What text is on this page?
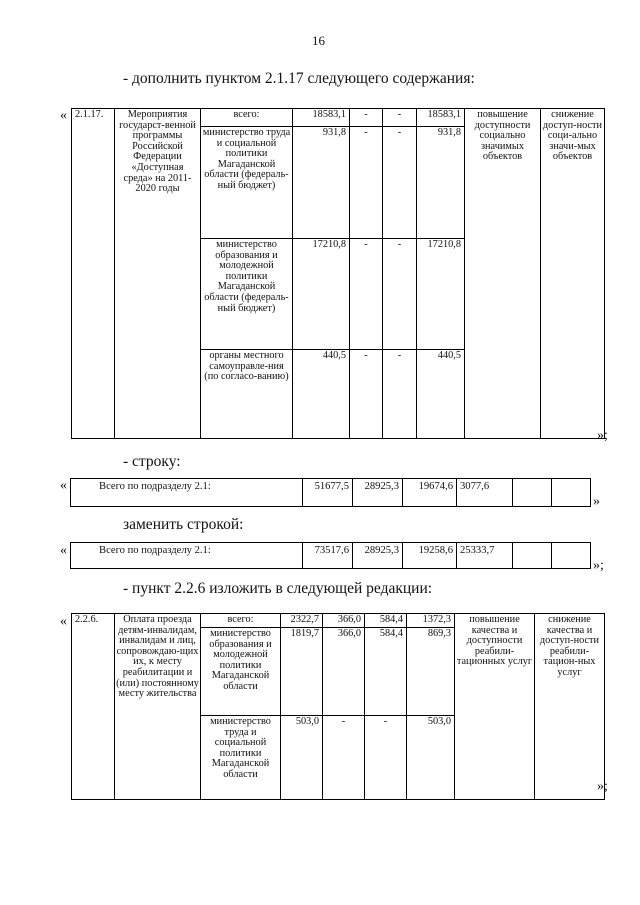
16
- дополнить пунктом 2.1.17 следующего содержания:
« 2.1.17.	Мероприятия государст-венной программы Российской Федерации «Доступная среда» на 2011-2020 годы	всего:	18583,1	-	-	18583,1	повышение доступности социально значимых объектов	снижение доступ-ности соци-ально значи-мых объектов
		министерство труда и социальной политики Магаданской области (федераль-ный бюджет)	931,8	-	-	931,8		
		министерство образования и молодежной политики Магаданской области (федераль-ный бюджет)	17210,8	-	-	17210,8		
		органы местного самоуправле-ния (по согласо-ванию)	440,5	-	-	440,5		
»;
- строку:
«	Всего по подразделу 2.1:	51677,5	28925,3	19674,6	3077,6		
»
заменить строкой:
«	Всего по подразделу 2.1:	73517,6	28925,3	19258,6	25333,7		
»;
- пункт 2.2.6 изложить в следующей редакции:
« 2.2.6.	Оплата проезда детям-инвалидам, инвалидам и лиц, сопровождаю-щих их, к месту реабилитации и (или) постоянному месту жительства	всего:	2322,7	366,0	584,4	1372,3	повышение качества и доступности реабили-тационных услуг	снижение качества и доступ-ности реабили-тацион-ных услуг
		министерство образования и молодежной политики Магаданской области	1819,7	366,0	584,4	869,3		
		министерство труда и социальной политики Магаданской области	503,0	-	-	503,0		
»;
